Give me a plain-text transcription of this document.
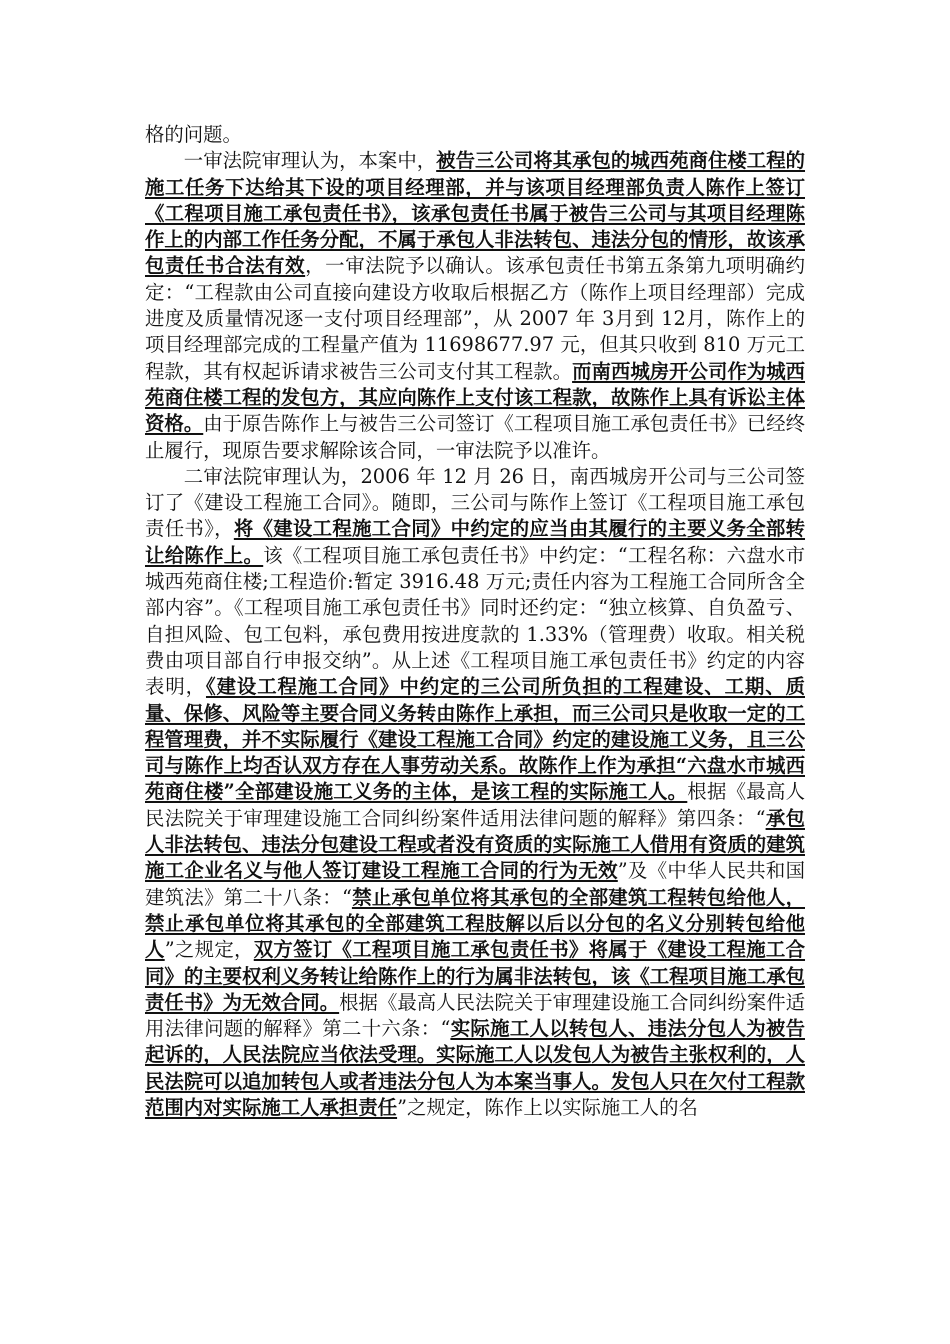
格的问题。

一审法院审理认为，本案中，被告三公司将其承包的城西苑商住楼工程的施工任务下达给其下设的项目经理部，并与该项目经理部负责人陈作上签订《工程项目施工承包责任书》，该承包责任书属于被告三公司与其项目经理陈作上的内部工作任务分配，不属于承包人非法转包、违法分包的情形，故该承包责任书合法有效，一审法院予以确认。该承包责任书第五条第九项明确约定：“工程款由公司直接向建设方收取后根据乙方（陈作上项目经理部）完成进度及质量情况逐一支付项目经理部”，从 2007 年 3月到 12月，陈作上的项目经理部完成的工程量产值为 11698677.97 元，但其只收到 810 万元工程款，其有权起诉请求被告三公司支付其工程款。而南西城房开公司作为城西苑商住楼工程的发包方，其应向陈作上支付该工程款，故陈作上具有诉讼主体资格。由于原告陈作上与被告三公司签订《工程项目施工承包责任书》已经终止履行，现原告要求解除该合同，一审法院予以准许。

二审法院审理认为，2006 年 12 月 26 日，南西城房开公司与三公司签订了《建设工程施工合同》。随即，三公司与陈作上签订《工程项目施工承包责任书》，将《建设工程施工合同》中约定的应当由其履行的主要义务全部转让给陈作上。该《工程项目施工承包责任书》中约定：“工程名称：六盘水市城西苑商住楼;工程造价:暂定 3916.48 万元;责任内容为工程施工合同所含全部内容”。《工程项目施工承包责任书》同时还约定：“独立核算、自负盈亏、自担风险、包工包料，承包费用按进度款的 1.33%（管理费）收取。相关税费由项目部自行申报交纳”。从上述《工程项目施工承包责任书》约定的内容表明，《建设工程施工合同》中约定的三公司所负担的工程建设、工期、质量、保修、风险等主要合同义务转由陈作上承担，而三公司只是收取一定的工程管理费，并不实际履行《建设工程施工合同》约定的建设施工义务，且三公司与陈作上均否认双方存在人事劳动关系。故陈作上作为承担“六盘水市城西苑商住楼”全部建设施工义务的主体，是该工程的实际施工人。根据《最高人民法院关于审理建设施工合同纠纷案件适用法律问题的解释》第四条：“承包人非法转包、违法分包建设工程或者没有资质的实际施工人借用有资质的建筑施工企业名义与他人签订建设工程施工合同的行为无效”及《中华人民共和国建筑法》第二十八条：“禁止承包单位将其承包的全部建筑工程转包给他人，禁止承包单位将其承包的全部建筑工程肢解以后以分包的名义分别转包给他人”之规定，双方签订《工程项目施工承包责任书》将属于《建设工程施工合同》的主要权利义务转让给陈作上的行为属非法转包，该《工程项目施工承包责任书》为无效合同。根据《最高人民法院关于审理建设施工合同纠纷案件适用法律问题的解释》第二十六条：“实际施工人以转包人、违法分包人为被告起诉的，人民法院应当依法受理。实际施工人以发包人为被告主张权利的，人民法院可以追加转包人或者违法分包人为本案当事人。发包人只在欠付工程款范围内对实际施工人承担责任”之规定，陈作上以实际施工人的名
